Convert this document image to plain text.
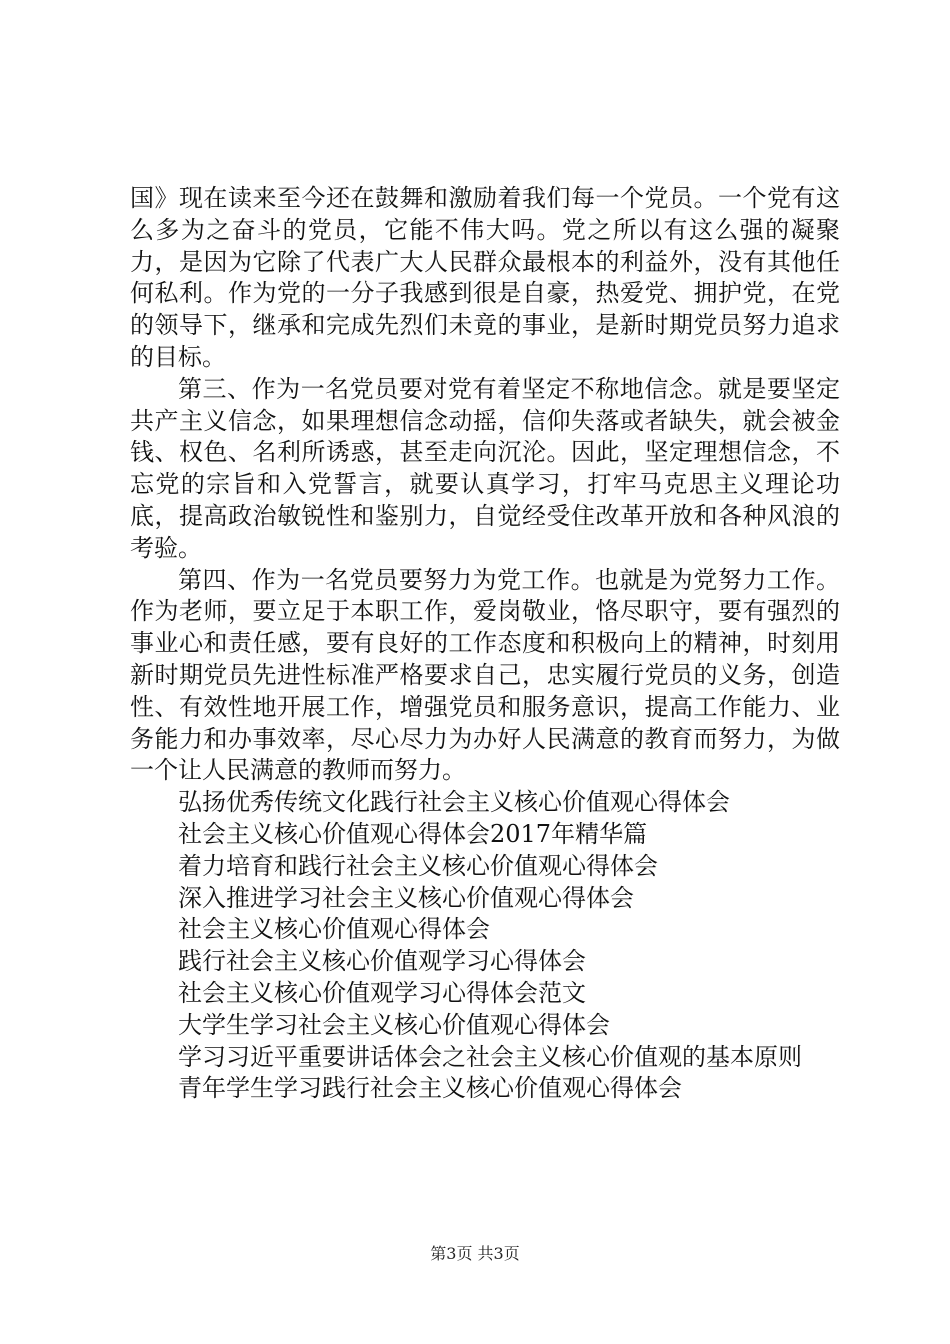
国》现在读来至今还在鼓舞和激励着我们每一个党员。一个党有这么多为之奋斗的党员，它能不伟大吗。党之所以有这么强的凝聚力，是因为它除了代表广大人民群众最根本的利益外，没有其他任何私利。作为党的一分子我感到很是自豪，热爱党、拥护党，在党的领导下，继承和完成先烈们未竟的事业，是新时期党员努力追求的目标。

第三、作为一名党员要对党有着坚定不称地信念。就是要坚定共产主义信念，如果理想信念动摇，信仰失落或者缺失，就会被金钱、权色、名利所诱惑，甚至走向沉沦。因此，坚定理想信念，不忘党的宗旨和入党誓言，就要认真学习，打牢马克思主义理论功底，提高政治敏锐性和鉴别力，自觉经受住改革开放和各种风浪的考验。

第四、作为一名党员要努力为党工作。也就是为党努力工作。作为老师，要立足于本职工作，爱岗敬业，恪尽职守，要有强烈的事业心和责任感，要有良好的工作态度和积极向上的精神，时刻用新时期党员先进性标准严格要求自己，忠实履行党员的义务，创造性、有效性地开展工作，增强党员和服务意识，提高工作能力、业务能力和办事效率，尽心尽力为办好人民满意的教育而努力，为做一个让人民满意的教师而努力。

弘扬优秀传统文化践行社会主义核心价值观心得体会
社会主义核心价值观心得体会2017年精华篇
着力培育和践行社会主义核心价值观心得体会
深入推进学习社会主义核心价值观心得体会
社会主义核心价值观心得体会
践行社会主义核心价值观学习心得体会
社会主义核心价值观学习心得体会范文
大学生学习社会主义核心价值观心得体会
学习习近平重要讲话体会之社会主义核心价值观的基本原则
青年学生学习践行社会主义核心价值观心得体会
第3页 共3页
